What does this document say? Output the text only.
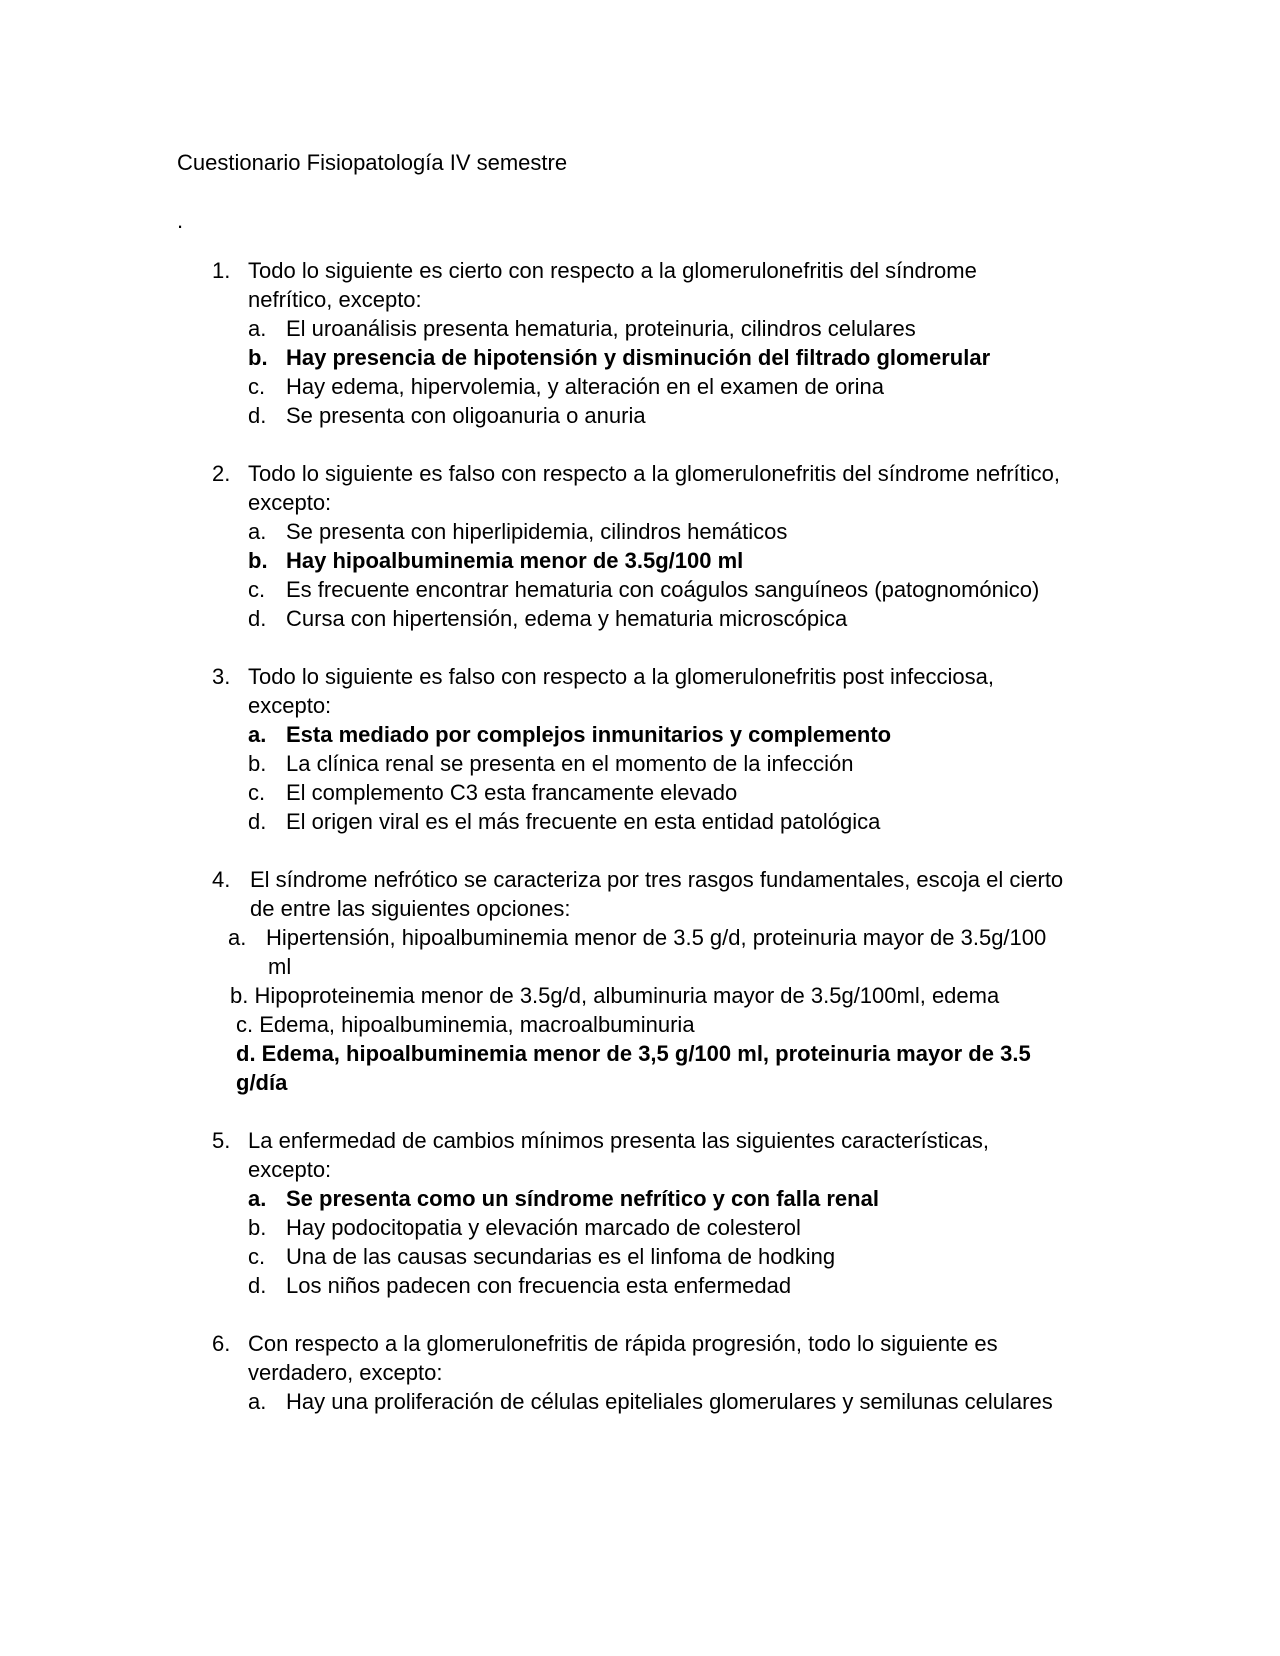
Cuestionario Fisiopatología IV semestre
.
1. Todo lo siguiente es cierto con respecto a la glomerulonefritis del síndrome
nefrítico, excepto:
a. El uroanálisis presenta hematuria, proteinuria, cilindros celulares
b. Hay presencia de hipotensión y disminución del filtrado glomerular
c. Hay edema, hipervolemia, y alteración en el examen de orina
d. Se presenta con oligoanuria o anuria
2. Todo lo siguiente es falso con respecto a la glomerulonefritis del síndrome nefrítico,
excepto:
a. Se presenta con hiperlipidemia, cilindros hemáticos
b. Hay hipoalbuminemia menor de 3.5g/100 ml
c. Es frecuente encontrar hematuria con coágulos sanguíneos (patognomónico)
d. Cursa con hipertensión, edema y hematuria microscópica
3. Todo lo siguiente es falso con respecto a la glomerulonefritis post infecciosa,
excepto:
a. Esta mediado por complejos inmunitarios y complemento
b. La clínica renal se presenta en el momento de la infección
c. El complemento C3 esta francamente elevado
d. El origen viral es el más frecuente en esta entidad patológica
4. El síndrome nefrótico se caracteriza por tres rasgos fundamentales, escoja el cierto
de entre las siguientes opciones:
a. Hipertensión, hipoalbuminemia menor de 3.5 g/d, proteinuria mayor de 3.5g/100
ml
b. Hipoproteinemia menor de 3.5g/d, albuminuria mayor de 3.5g/100ml, edema
c. Edema, hipoalbuminemia, macroalbuminuria
d. Edema, hipoalbuminemia menor de 3,5 g/100 ml, proteinuria mayor de 3.5
g/día
5. La enfermedad de cambios mínimos presenta las siguientes características,
excepto:
a. Se presenta como un síndrome nefrítico y con falla renal
b. Hay podocitopatia y elevación marcado de colesterol
c. Una de las causas secundarias es el linfoma de hodking
d. Los niños padecen con frecuencia esta enfermedad
6. Con respecto a la glomerulonefritis de rápida progresión, todo lo siguiente es
verdadero, excepto:
a. Hay una proliferación de células epiteliales glomerulares y semilunas celulares
